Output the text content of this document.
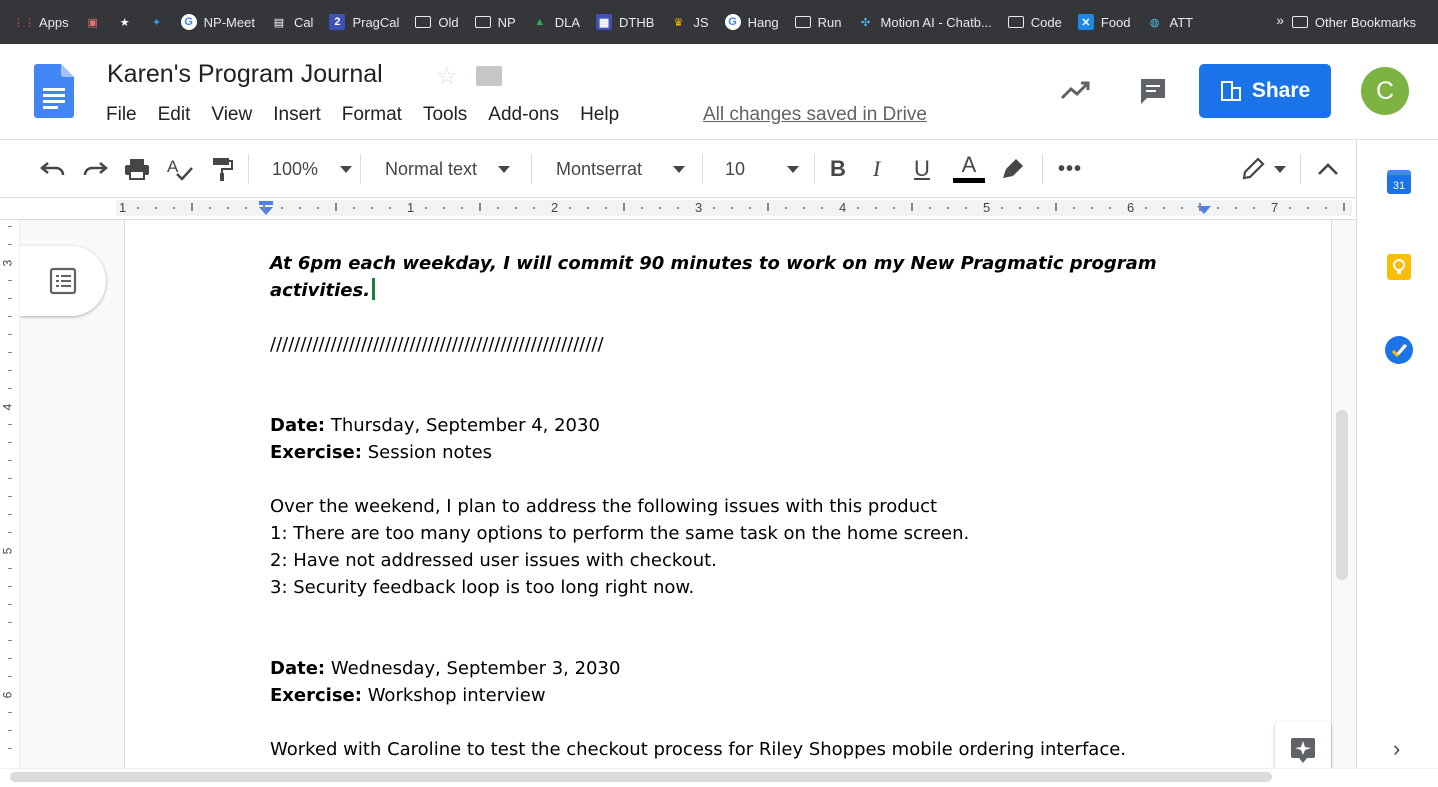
⋮⋮ Apps ▣ ★	✦	G NP-Meet ▤ Cal	2 PragCal	Old	NP ▲ DLA ▦ DTHB ♛ JS	G Hang	Run	✣ Motion AI - Chatb...	Code	✕ Food ◍ ATT	» Other Bookmarks
Karen's Program Journal ☆
File Edit View Insert Format Tools Add-ons Help	All changes saved in Drive
Share	C
A	100%	Normal text	Montserrat	10	B I U A	•••
1	1	2	3	4	5	6	7
3
4
5
6

At 6pm each weekday, I will commit 90 minutes to work on my New Pragmatic program activities.

///////////////////////////////////////////////////////

Date: Thursday, September 4, 2030

Exercise: Session notes

Over the weekend, I plan to address the following issues with this product

1: There are too many options to perform the same task on the home screen.

2: Have not addressed user issues with checkout.

3: Security feedback loop is too long right now.

Date: Wednesday, September 3, 2030

Exercise: Workshop interview

Worked with Caroline to test the checkout process for Riley Shoppes mobile ordering interface.

31
›
